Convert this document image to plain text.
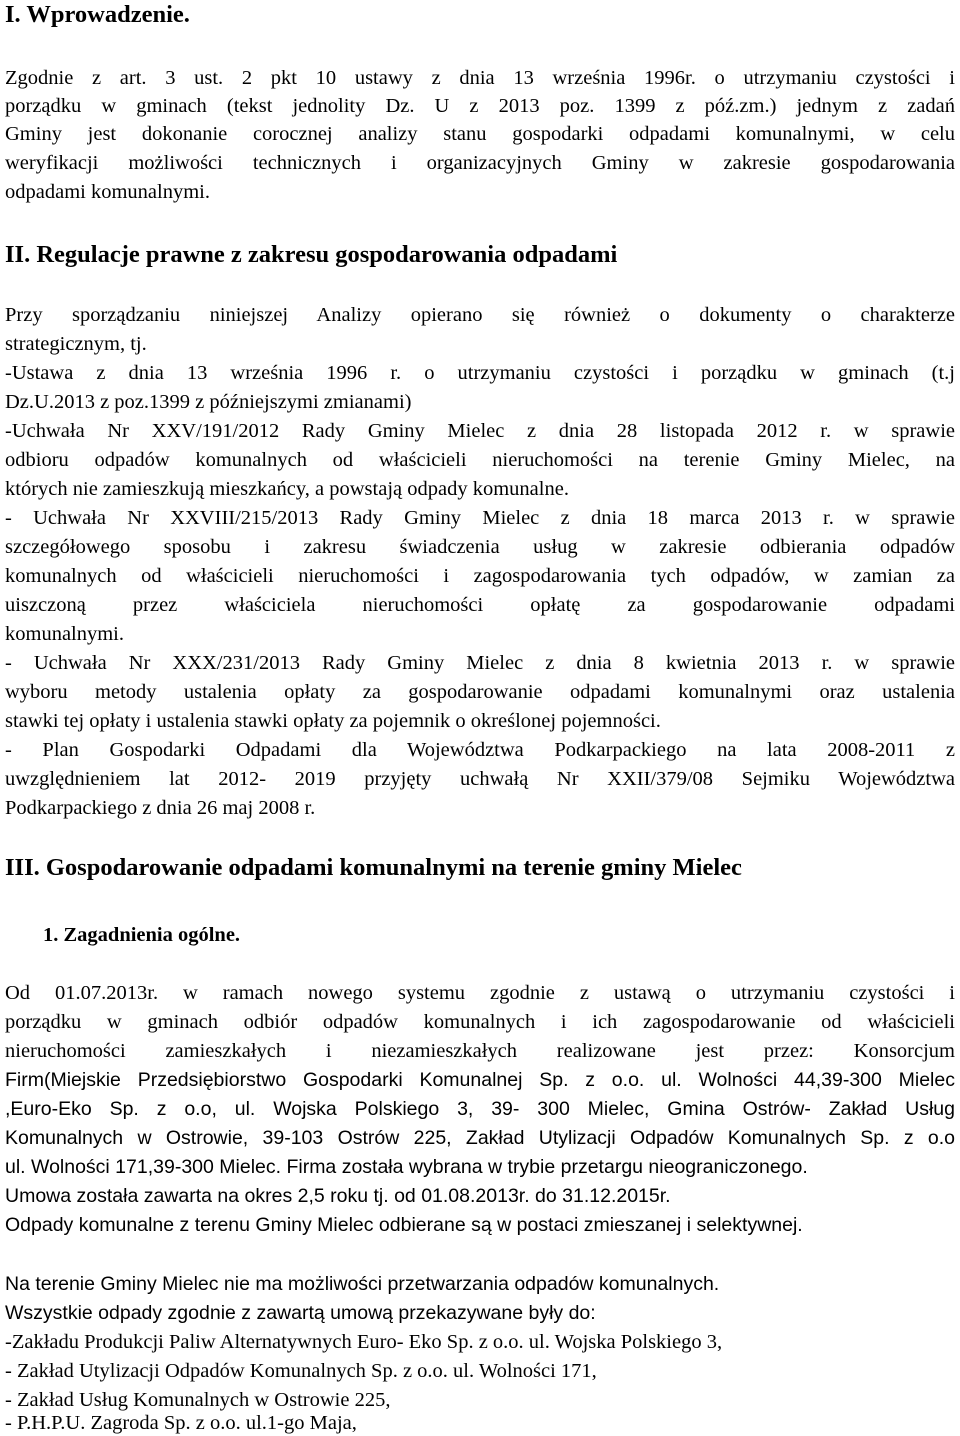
I. Wprowadzenie.
Zgodnie z art. 3 ust. 2 pkt 10 ustawy z dnia 13 września 1996r. o utrzymaniu czystości i
porządku w gminach (tekst jednolity Dz. U z 2013 poz. 1399 z póź.zm.) jednym z zadań
Gminy jest dokonanie corocznej analizy stanu gospodarki odpadami komunalnymi, w celu
weryfikacji możliwości technicznych i organizacyjnych Gminy w zakresie gospodarowania
odpadami komunalnymi.
II. Regulacje prawne z zakresu gospodarowania odpadami
Przy sporządzaniu niniejszej Analizy opierano się również o dokumenty o charakterze
strategicznym, tj.
-Ustawa z dnia 13 września 1996 r. o utrzymaniu czystości i porządku w gminach (t.j
Dz.U.2013 z poz.1399 z późniejszymi zmianami)
-Uchwała Nr XXV/191/2012 Rady Gminy Mielec z dnia 28 listopada 2012 r. w sprawie
odbioru odpadów komunalnych od właścicieli nieruchomości na terenie Gminy Mielec, na
których nie zamieszkują mieszkańcy, a powstają odpady komunalne.
- Uchwała Nr XXVIII/215/2013 Rady Gminy Mielec z dnia 18 marca 2013 r. w sprawie
szczegółowego sposobu i zakresu świadczenia usług w zakresie odbierania odpadów
komunalnych od właścicieli nieruchomości i zagospodarowania tych odpadów, w zamian za
uiszczoną przez właściciela nieruchomości opłatę za gospodarowanie odpadami
komunalnymi.
- Uchwała Nr XXX/231/2013 Rady Gminy Mielec z dnia 8 kwietnia 2013 r. w sprawie
wyboru metody ustalenia opłaty za gospodarowanie odpadami komunalnymi oraz ustalenia
stawki tej opłaty i ustalenia stawki opłaty za pojemnik o określonej pojemności.
- Plan Gospodarki Odpadami dla Województwa Podkarpackiego na lata 2008-2011 z
uwzględnieniem lat 2012- 2019 przyjęty uchwałą Nr XXII/379/08 Sejmiku Województwa
Podkarpackiego z dnia 26 maj 2008 r.
III. Gospodarowanie odpadami komunalnymi na terenie gminy Mielec
1. Zagadnienia ogólne.
Od 01.07.2013r. w ramach nowego systemu zgodnie z ustawą o utrzymaniu czystości i
porządku w gminach odbiór odpadów komunalnych i ich zagospodarowanie od właścicieli
nieruchomości zamieszkałych i niezamieszkałych realizowane jest przez: Konsorcjum
Firm(Miejskie Przedsiębiorstwo Gospodarki Komunalnej Sp. z o.o. ul. Wolności 44,39-300 Mielec
,Euro-Eko Sp. z o.o, ul. Wojska Polskiego 3, 39- 300 Mielec, Gmina Ostrów- Zakład Usług
Komunalnych w Ostrowie, 39-103 Ostrów 225, Zakład Utylizacji Odpadów Komunalnych Sp. z o.o
ul. Wolności 171,39-300 Mielec. Firma została wybrana w trybie przetargu nieograniczonego.
Umowa została zawarta na okres 2,5 roku tj. od 01.08.2013r. do 31.12.2015r.
Odpady komunalne z terenu Gminy Mielec odbierane są w postaci zmieszanej i selektywnej.
Na terenie Gminy Mielec nie ma możliwości przetwarzania odpadów komunalnych.
Wszystkie odpady zgodnie z zawartą umową przekazywane były do:
-Zakładu Produkcji Paliw Alternatywnych Euro- Eko Sp. z o.o. ul. Wojska Polskiego 3,
- Zakład Utylizacji Odpadów Komunalnych Sp. z o.o. ul. Wolności 171,
- Zakład Usług Komunalnych w Ostrowie 225,
- P.H.P.U. Zagroda Sp. z o.o. ul.1-go Maja,
